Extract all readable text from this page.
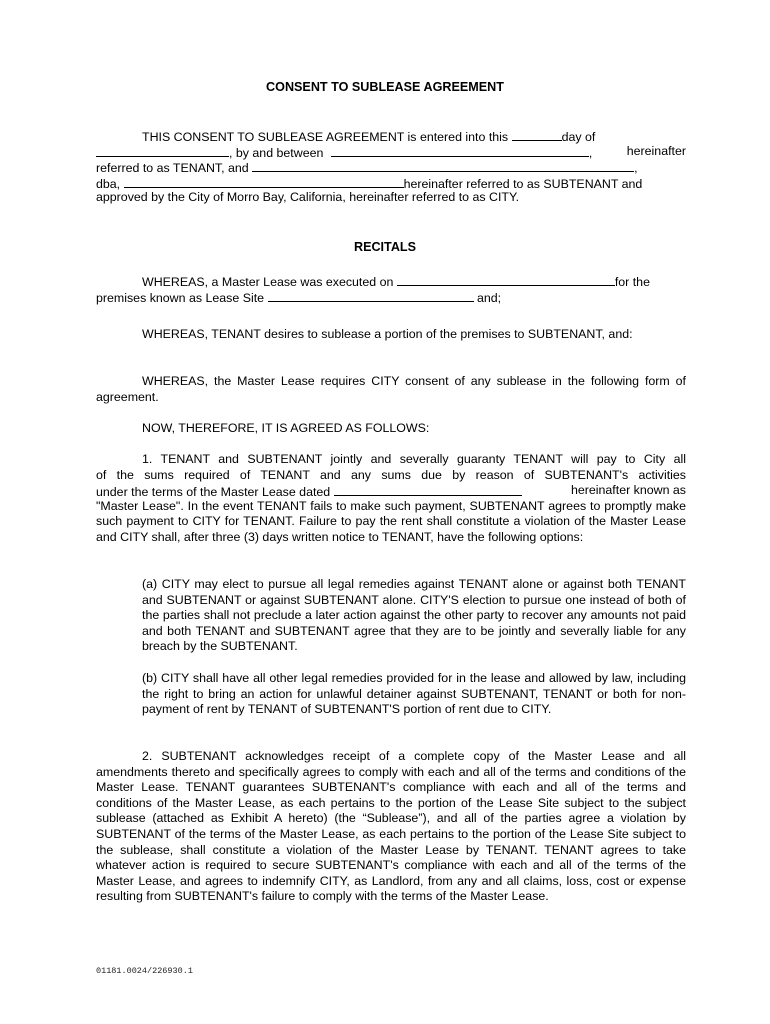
CONSENT TO SUBLEASE AGREEMENT
THIS CONSENT TO SUBLEASE AGREEMENT is entered into this	day of
, by and between	,	hereinafter
referred to as TENANT, and	,
dba,	hereinafter referred to as SUBTENANT and
approved by the City of Morro Bay, California, hereinafter referred to as CITY.
RECITALS
WHEREAS, a Master Lease was executed on	for the
premises known as Lease Site	and;

WHEREAS, TENANT desires to sublease a portion of the premises to SUBTENANT, and:

WHEREAS, the Master Lease requires CITY consent of any sublease in the following form of agreement.

NOW, THEREFORE, IT IS AGREED AS FOLLOWS:

1. TENANT and SUBTENANT jointly and severally guaranty TENANT will pay to City all
of the sums required of TENANT and any sums due by reason of SUBTENANT's activities
under the terms of the Master Lease dated	hereinafter known as
"Master Lease". In the event TENANT fails to make such payment, SUBTENANT agrees to promptly make such payment to CITY for TENANT. Failure to pay the rent shall constitute a violation of the Master Lease and CITY shall, after three (3) days written notice to TENANT, have the following options:

(a) CITY may elect to pursue all legal remedies against TENANT alone or against both TENANT and SUBTENANT or against SUBTENANT alone. CITY'S election to pursue one instead of both of the parties shall not preclude a later action against the other party to recover any amounts not paid and both TENANT and SUBTENANT agree that they are to be jointly and severally liable for any breach by the SUBTENANT.

(b) CITY shall have all other legal remedies provided for in the lease and allowed by law, including the right to bring an action for unlawful detainer against SUBTENANT, TENANT or both for non-payment of rent by TENANT of SUBTENANT'S portion of rent due to CITY.

2. SUBTENANT acknowledges receipt of a complete copy of the Master Lease and all amendments thereto and specifically agrees to comply with each and all of the terms and conditions of the Master Lease. TENANT guarantees SUBTENANT's compliance with each and all of the terms and conditions of the Master Lease, as each pertains to the portion of the Lease Site subject to the subject sublease (attached as Exhibit A hereto) (the “Sublease”), and all of the parties agree a violation by SUBTENANT of the terms of the Master Lease, as each pertains to the portion of the Lease Site subject to the sublease, shall constitute a violation of the Master Lease by TENANT. TENANT agrees to take whatever action is required to secure SUBTENANT's compliance with each and all of the terms of the Master Lease, and agrees to indemnify CITY, as Landlord, from any and all claims, loss, cost or expense resulting from SUBTENANT's failure to comply with the terms of the Master Lease.

01181.0024/226930.1
